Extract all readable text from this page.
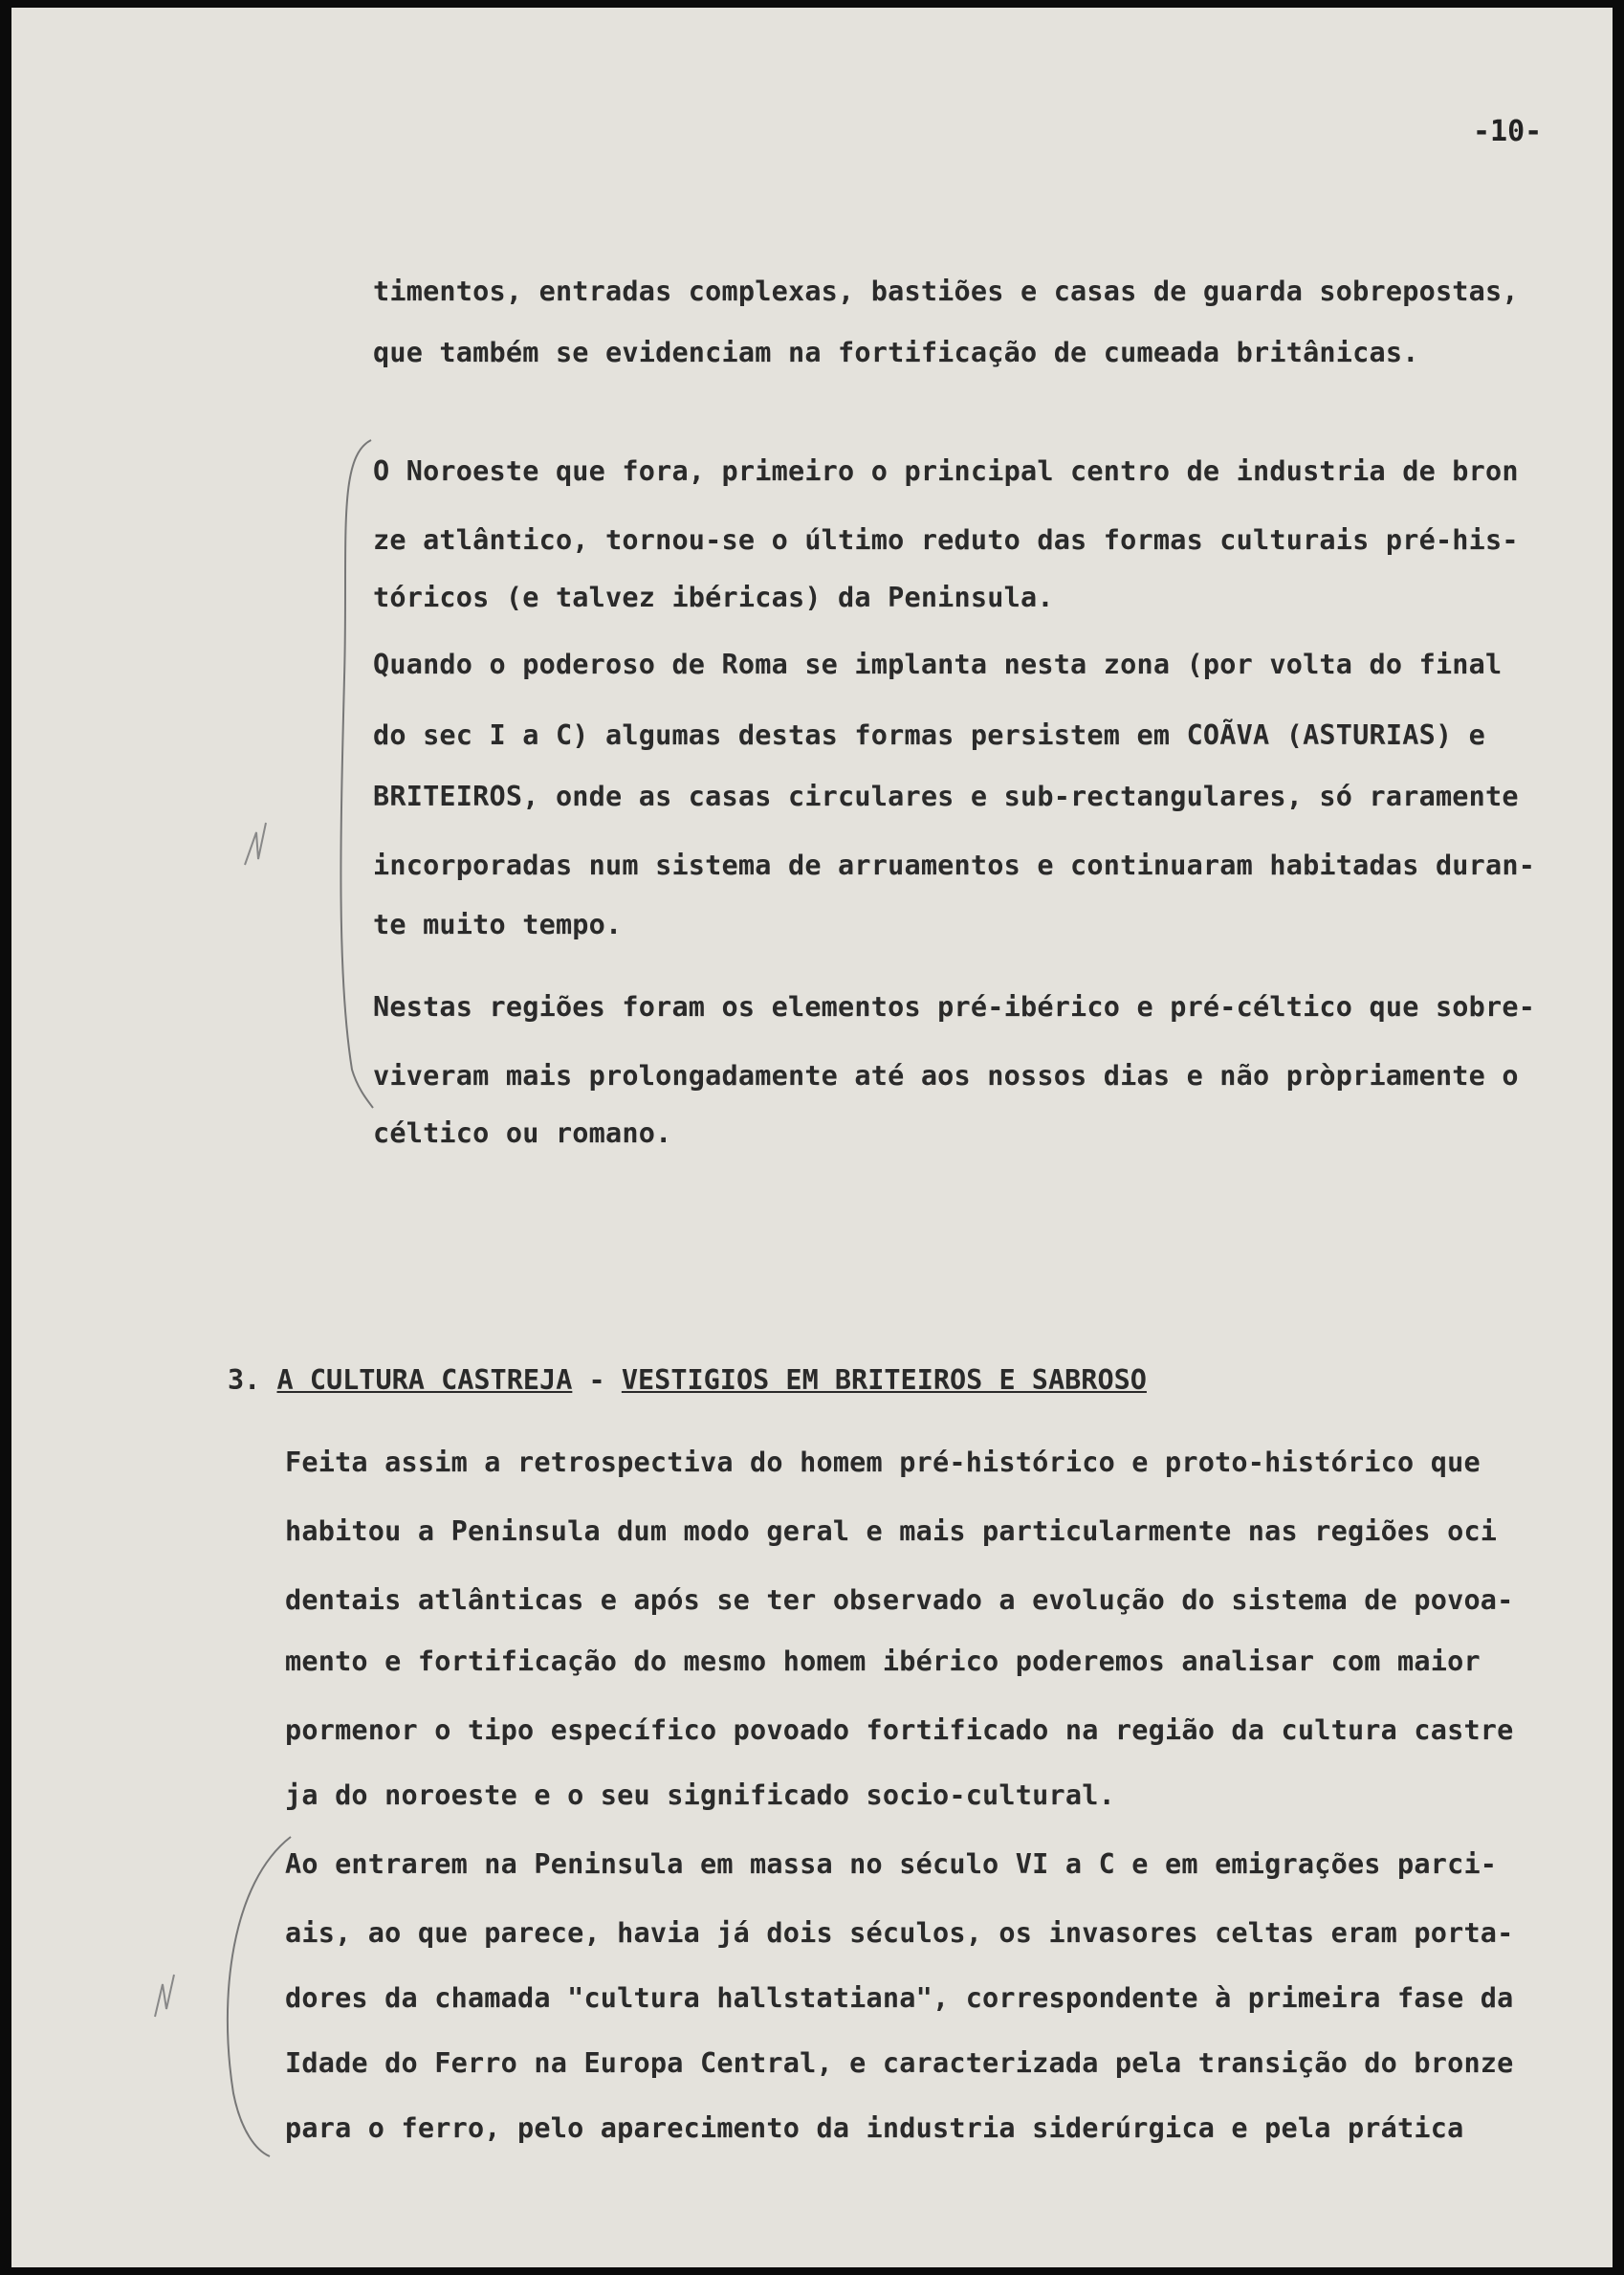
-10-
timentos, entradas complexas, bastiões e casas de guarda sobrepostas,
que também se evidenciam na fortificação de cumeada britânicas.
O Noroeste que fora, primeiro o principal centro de industria de bron
ze atlântico, tornou-se o último reduto das formas culturais pré-his-
tóricos (e talvez ibéricas) da Peninsula.
Quando o poderoso de Roma se implanta nesta zona (por volta do final
do sec I a C) algumas destas formas persistem em COÃVA (ASTURIAS) e
BRITEIROS, onde as casas circulares e sub-rectangulares, só raramente
incorporadas num sistema de arruamentos e continuaram habitadas duran-
te muito tempo.
Nestas regiões foram os elementos pré-ibérico e pré-céltico que sobre-
viveram mais prolongadamente até aos nossos dias e não pròpriamente o
céltico ou romano.
3. A CULTURA CASTREJA - VESTIGIOS EM BRITEIROS E SABROSO
Feita assim a retrospectiva do homem pré-histórico e proto-histórico que
habitou a Peninsula dum modo geral e mais particularmente nas regiões oci
dentais atlânticas e após se ter observado a evolução do sistema de povoa-
mento e fortificação do mesmo homem ibérico poderemos analisar com maior
pormenor o tipo específico povoado fortificado na região da cultura castre
ja do noroeste e o seu significado socio-cultural.
Ao entrarem na Peninsula em massa no século VI a C e em emigrações parci-
ais, ao que parece, havia já dois séculos, os invasores celtas eram porta-
dores da chamada "cultura hallstatiana", correspondente à primeira fase da
Idade do Ferro na Europa Central, e caracterizada pela transição do bronze
para o ferro, pelo aparecimento da industria siderúrgica e pela prática
